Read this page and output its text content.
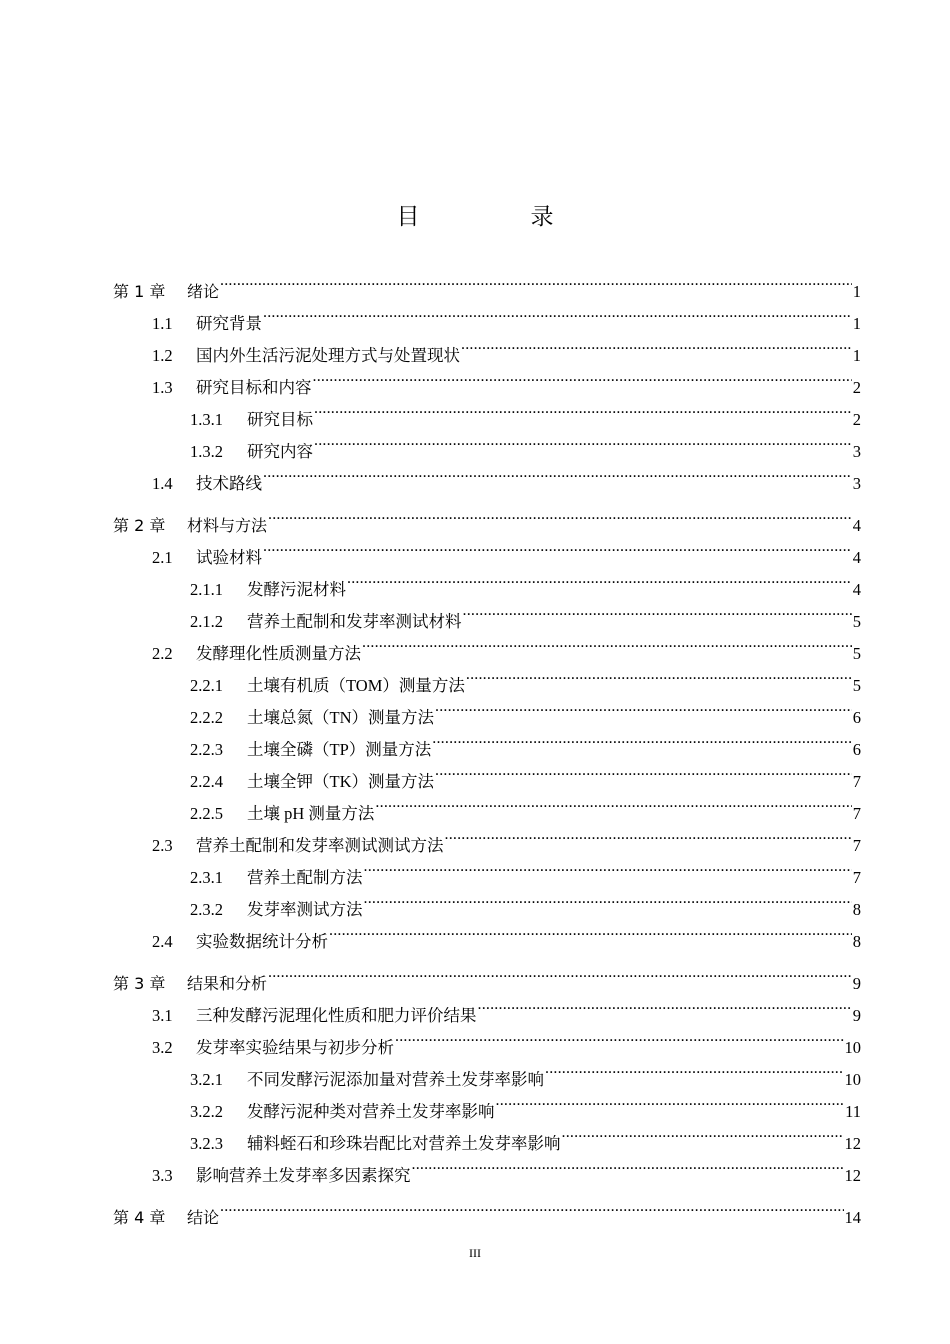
目　录
第 1 章	绪论 .....	1
1.1	研究背景 .....	1
1.2	国内外生活污泥处理方式与处置现状 .....	1
1.3	研究目标和内容 .....	2
1.3.1	研究目标 .....	2
1.3.2	研究内容 .....	3
1.4	技术路线 .....	3
第 2 章	材料与方法 .....	4
2.1	试验材料 .....	4
2.1.1	发酵污泥材料 .....	4
2.1.2	营养土配制和发芽率测试材料 .....	5
2.2	发酵理化性质测量方法 .....	5
2.2.1	土壤有机质（TOM）测量方法 .....	5
2.2.2	土壤总氮（TN）测量方法 .....	6
2.2.3	土壤全磷（TP）测量方法 .....	6
2.2.4	土壤全钾（TK）测量方法 .....	7
2.2.5	土壤 pH 测量方法 .....	7
2.3	营养土配制和发芽率测试测试方法 .....	7
2.3.1	营养土配制方法 .....	7
2.3.2	发芽率测试方法 .....	8
2.4	实验数据统计分析 .....	8
第 3 章	结果和分析 .....	9
3.1	三种发酵污泥理化性质和肥力评价结果 .....	9
3.2	发芽率实验结果与初步分析 .....	10
3.2.1	不同发酵污泥添加量对营养土发芽率影响 .....	10
3.2.2	发酵污泥种类对营养土发芽率影响 .....	11
3.2.3	辅料蛭石和珍珠岩配比对营养土发芽率影响 .....	12
3.3	影响营养土发芽率多因素探究 .....	12
第 4 章	结论 .....	14
III
